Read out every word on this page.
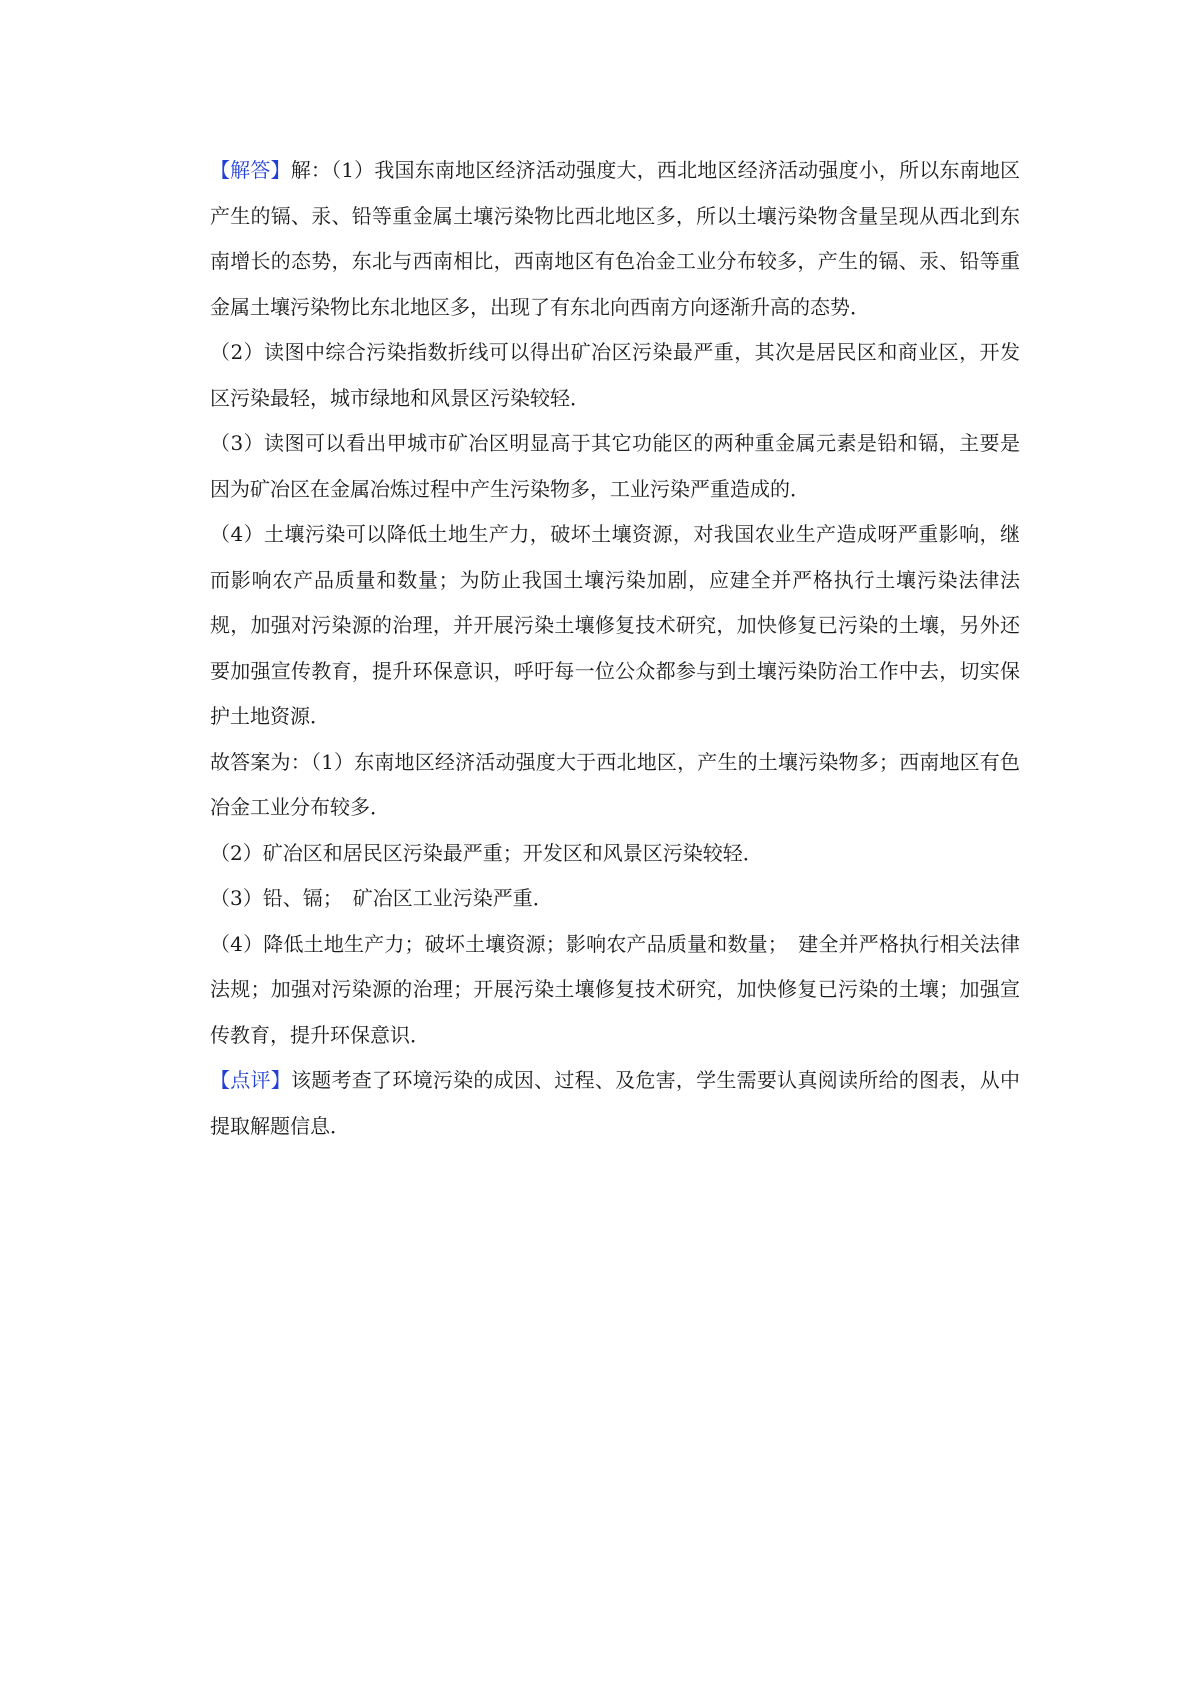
【解答】解：（1）我国东南地区经济活动强度大，西北地区经济活动强度小，所以东南地区产生的镉、汞、铅等重金属土壤污染物比西北地区多，所以土壤污染物含量呈现从西北到东南增长的态势，东北与西南相比，西南地区有色冶金工业分布较多，产生的镉、汞、铅等重金属土壤污染物比东北地区多，出现了有东北向西南方向逐渐升高的态势．

（2）读图中综合污染指数折线可以得出矿冶区污染最严重，其次是居民区和商业区，开发区污染最轻，城市绿地和风景区污染较轻．

（3）读图可以看出甲城市矿冶区明显高于其它功能区的两种重金属元素是铅和镉，主要是因为矿冶区在金属冶炼过程中产生污染物多，工业污染严重造成的．

（4）土壤污染可以降低土地生产力，破坏土壤资源，对我国农业生产造成呀严重影响，继而影响农产品质量和数量；为防止我国土壤污染加剧，应建全并严格执行土壤污染法律法规，加强对污染源的治理，并开展污染土壤修复技术研究，加快修复已污染的土壤，另外还要加强宣传教育，提升环保意识，呼吁每一位公众都参与到土壤污染防治工作中去，切实保护土地资源．

故答案为：（1）东南地区经济活动强度大于西北地区，产生的土壤污染物多；西南地区有色冶金工业分布较多．

（2）矿冶区和居民区污染最严重；开发区和风景区污染较轻．

（3）铅、镉；　矿冶区工业污染严重．

（4）降低土地生产力；破坏土壤资源；影响农产品质量和数量；　建全并严格执行相关法律法规；加强对污染源的治理；开展污染土壤修复技术研究，加快修复已污染的土壤；加强宣传教育，提升环保意识．

【点评】该题考查了环境污染的成因、过程、及危害，学生需要认真阅读所给的图表，从中提取解题信息．
